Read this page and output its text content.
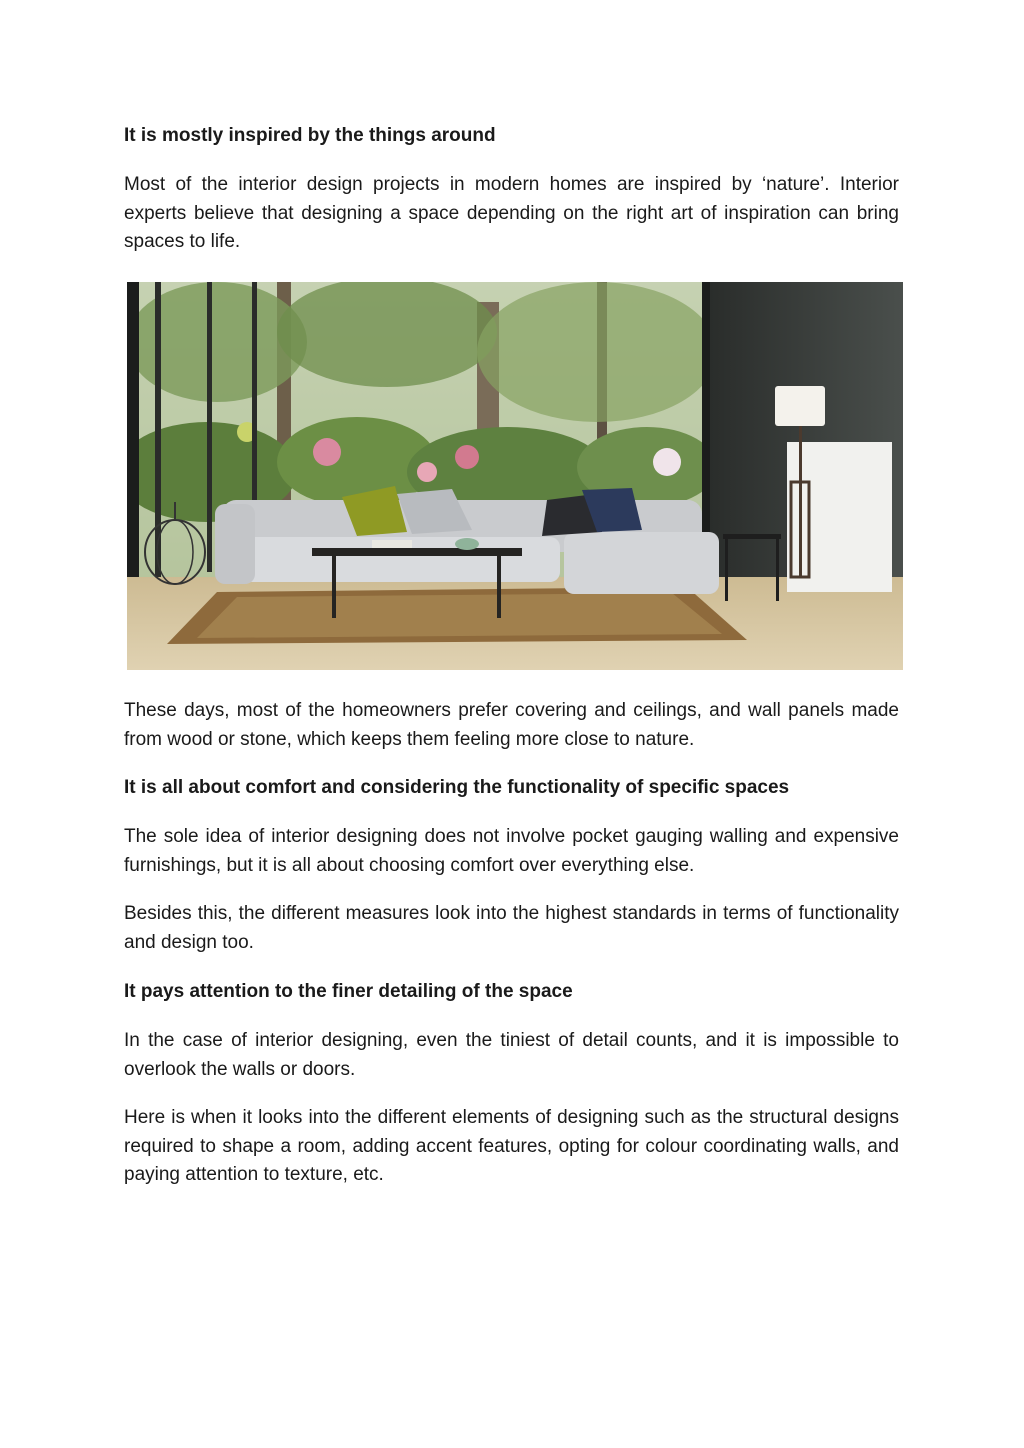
It is mostly inspired by the things around

Most of the interior design projects in modern homes are inspired by ‘nature’. Interior experts believe that designing a space depending on the right art of inspiration can bring spaces to life.

These days, most of the homeowners prefer covering and ceilings, and wall panels made from wood or stone, which keeps them feeling more close to nature.

It is all about comfort and considering the functionality of specific spaces

The sole idea of interior designing does not involve pocket gauging walling and expensive furnishings, but it is all about choosing comfort over everything else.

Besides this, the different measures look into the highest standards in terms of functionality and design too.

It pays attention to the finer detailing of the space

In the case of interior designing, even the tiniest of detail counts, and it is impossible to overlook the walls or doors.

Here is when it looks into the different elements of designing such as the structural designs required to shape a room, adding accent features, opting for colour coordinating walls, and paying attention to texture, etc.
